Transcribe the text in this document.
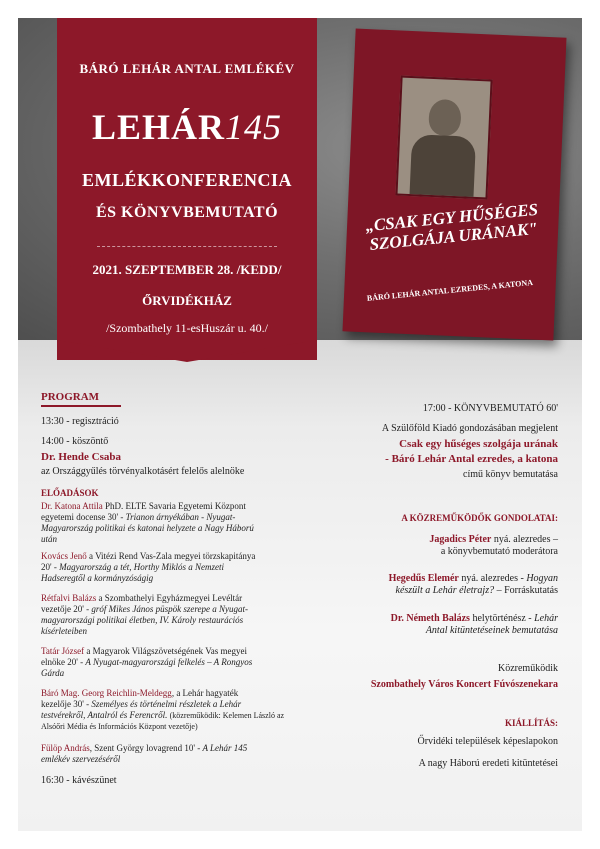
BÁRÓ LEHÁR ANTAL EMLÉKÉV
LEHÁR145
EMLÉKKONFERENCIA
ÉS KÖNYVBEMUTATÓ
2021. SZEPTEMBER 28. /KEDD/
ŐRVIDÉKHÁZ
/Szombathely 11-esHuszár u. 40./
„CSAK EGY HŰSÉGES SZOLGÁJA URÁNAK"
BÁRÓ LEHÁR ANTAL EZREDES, A KATONA
PROGRAM
13:30 - regisztráció
14:00 - köszöntő
Dr. Hende Csaba
az Országgyűlés törvényalkotásért felelős alelnöke
ELŐADÁSOK
Dr. Katona Attila PhD. ELTE Savaria Egyetemi Központ
egyetemi docense 30' - Trianon árnyékában - Nyugat-
Magyarország politikai és katonai helyzete a Nagy Háború
után
Kovács Jenő a Vitézi Rend Vas-Zala megyei törzskapitánya
20' - Magyarország a tét, Horthy Miklós a Nemzeti
Hadseregtől a kormányzóságig
Rétfalvi Balázs a Szombathelyi Egyházmegyei Levéltár
vezetője 20' - gróf Mikes János püspök szerepe a Nyugat-
magyarországi politikai életben, IV. Károly restaurációs
kísérleteiben
Tatár József a Magyarok Világszövetségének Vas megyei
elnöke 20' - A Nyugat-magyarországi felkelés – A Rongyos
Gárda
Báró Mag. Georg Reichlin-Meldegg, a Lehár hagyaték
kezelője 30' - Személyes és történelmi részletek a Lehár
testvérekről, Antalról és Ferencről. (közreműködik: Kelemen László az Alsóőri Média és Információs Központ vezetője)
Fülöp András, Szent György lovagrend 10' - A Lehár 145
emlékév szervezéséről
16:30 - kávészünet
17:00 - KÖNYVBEMUTATÓ 60'
A Szülőföld Kiadó gondozásában megjelent
Csak egy hűséges szolgája urának
- Báró Lehár Antal ezredes, a katona
című könyv bemutatása
A KÖZREMŰKÖDŐK GONDOLATAI:
Jagadics Péter nyá. alezredes –
a könyvbemutató moderátora
Hegedűs Elemér nyá. alezredes - Hogyan
készült a Lehár életrajz? – Forráskutatás
Dr. Németh Balázs helytörténész - Lehár
Antal kitüntetéseinek bemutatása
Közreműködik
Szombathely Város Koncert Fúvószenekara
KIÁLLÍTÁS:
Őrvidéki települések képeslapokon
A nagy Háború eredeti kitüntetései
